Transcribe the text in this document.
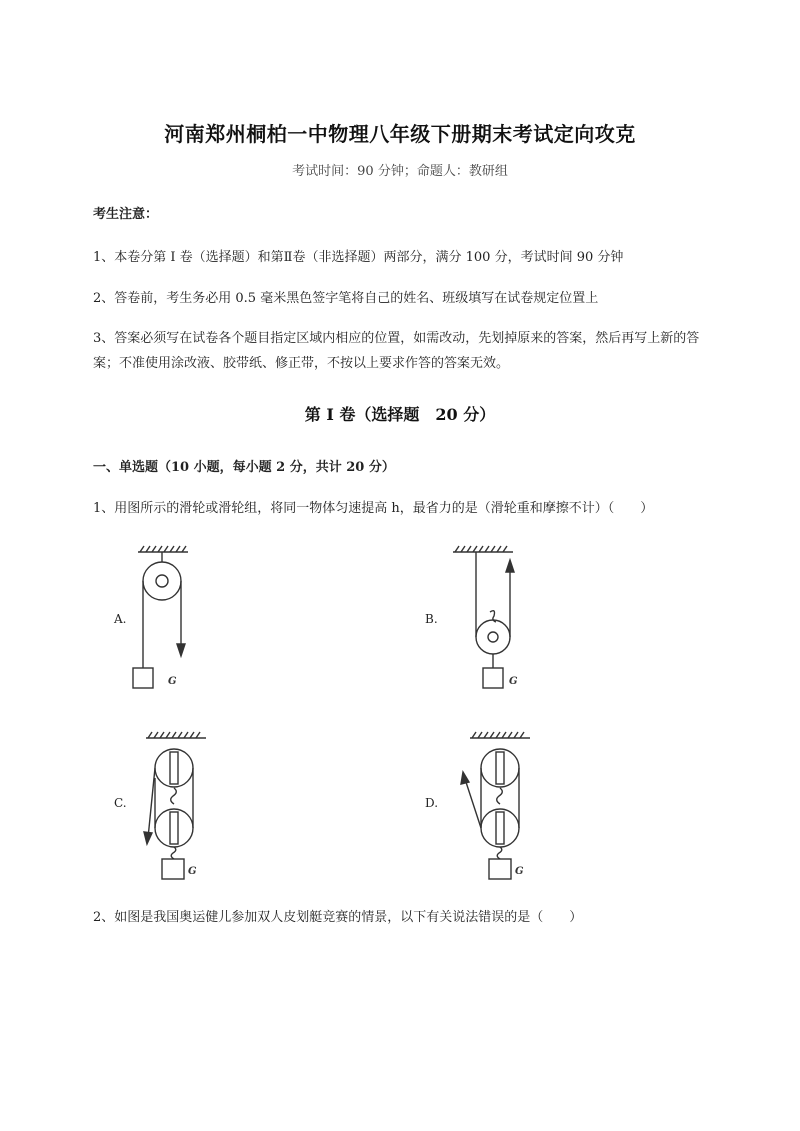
河南郑州桐柏一中物理八年级下册期末考试定向攻克
考试时间：90 分钟；命题人：教研组
考生注意：
1、本卷分第 I 卷（选择题）和第Ⅱ卷（非选择题）两部分，满分 100 分，考试时间 90 分钟
2、答卷前，考生务必用 0.5 毫米黑色签字笔将自己的姓名、班级填写在试卷规定位置上
3、答案必须写在试卷各个题目指定区域内相应的位置，如需改动，先划掉原来的答案，然后再写上新的答案；不准使用涂改液、胶带纸、修正带，不按以上要求作答的答案无效。
第 I 卷（选择题　20 分）
一、单选题（10 小题，每小题 2 分，共计 20 分）
1、用图所示的滑轮或滑轮组，将同一物体匀速提高 h，最省力的是（滑轮重和摩擦不计）（　　）
A.	B.
C.	D.
G	G
G	G
2、如图是我国奥运健儿参加双人皮划艇竞赛的情景，以下有关说法错误的是（　　）
